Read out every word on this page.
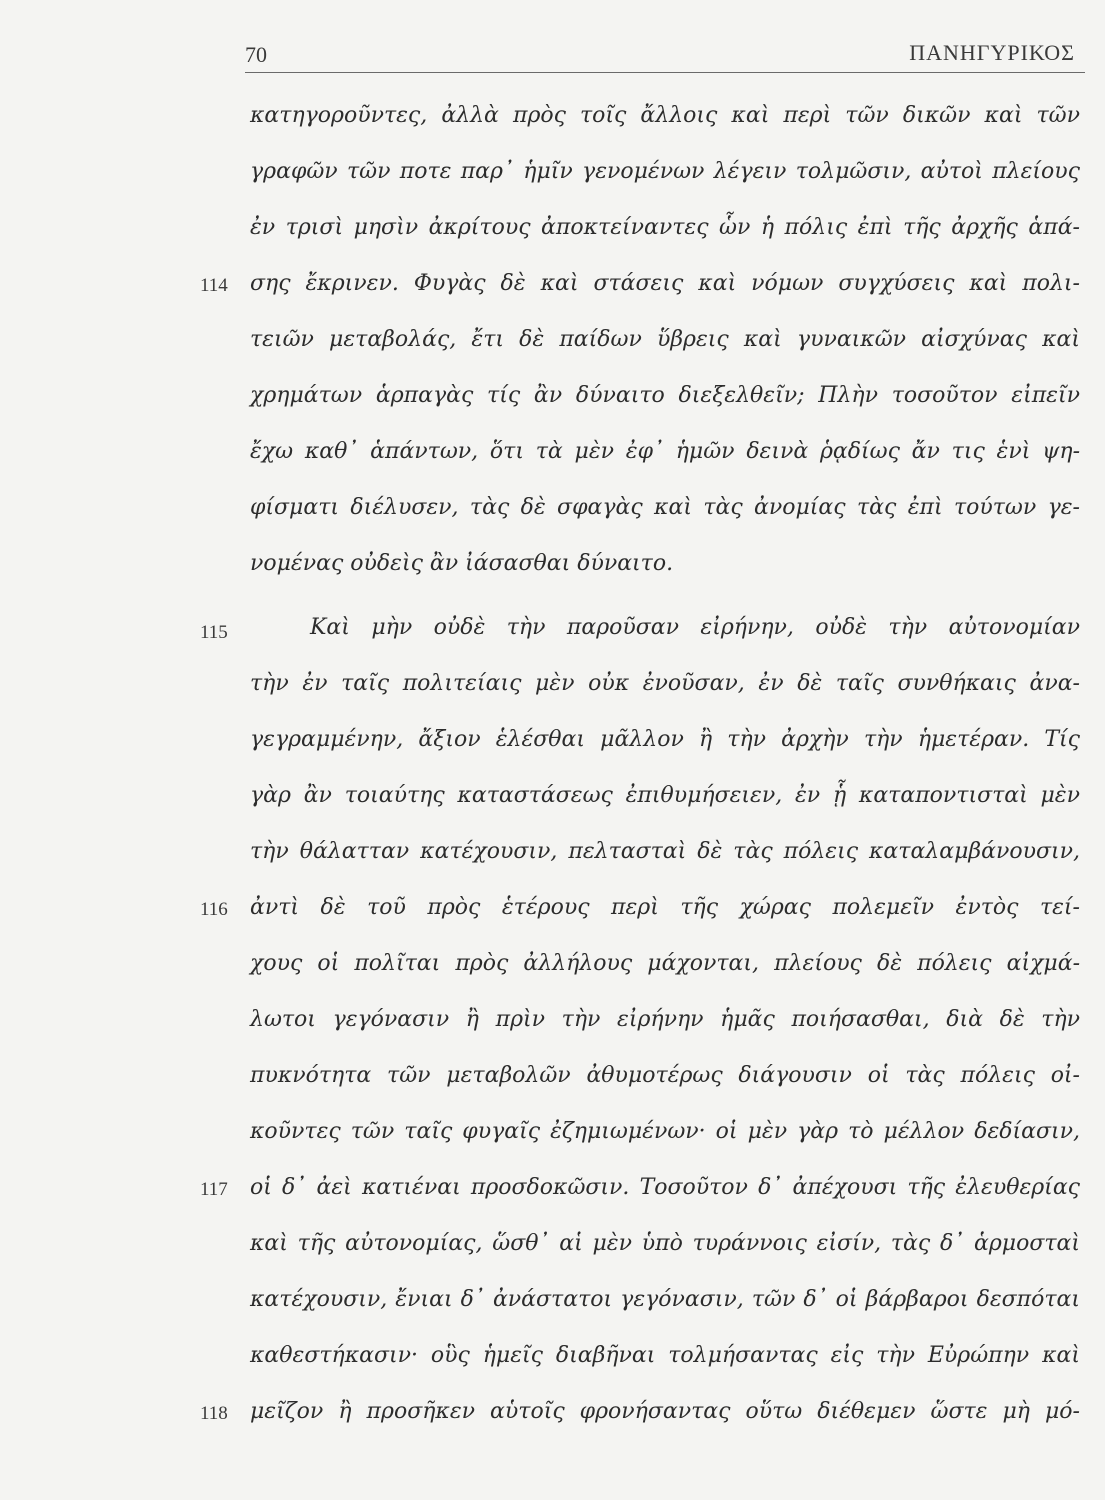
70	ΠΑΝΗΓΥΡΙΚΟΣ
κατηγοροῦντες, ἀλλὰ πρὸς τοῖς ἄλλοις καὶ περὶ τῶν δικῶν καὶ τῶν
γραφῶν τῶν ποτε παρ᾽ ἡμῖν γενομένων λέγειν τολμῶσιν, αὐτοὶ πλείους
ἐν τρισὶ μησὶν ἀκρίτους ἀποκτείναντες ὧν ἡ πόλις ἐπὶ τῆς ἀρχῆς ἁπά-
114	σης ἔκρινεν. Φυγὰς δὲ καὶ στάσεις καὶ νόμων συγχύσεις καὶ πολι-
τειῶν μεταβολάς, ἔτι δὲ παίδων ὕβρεις καὶ γυναικῶν αἰσχύνας καὶ
χρημάτων ἁρπαγὰς τίς ἂν δύναιτο διεξελθεῖν; Πλὴν τοσοῦτον εἰπεῖν
ἔχω καθ᾽ ἁπάντων, ὅτι τὰ μὲν ἐφ᾽ ἡμῶν δεινὰ ῥᾳδίως ἄν τις ἑνὶ ψη-
φίσματι διέλυσεν, τὰς δὲ σφαγὰς καὶ τὰς ἀνομίας τὰς ἐπὶ τούτων γε-
νομένας οὐδεὶς ἂν ἰάσασθαι δύναιτο.
115	Καὶ μὴν οὐδὲ τὴν παροῦσαν εἰρήνην, οὐδὲ τὴν αὐτονομίαν
τὴν ἐν ταῖς πολιτείαις μὲν οὐκ ἐνοῦσαν, ἐν δὲ ταῖς συνθήκαις ἀνα-
γεγραμμένην, ἄξιον ἑλέσθαι μᾶλλον ἢ τὴν ἀρχὴν τὴν ἡμετέραν. Τίς
γὰρ ἂν τοιαύτης καταστάσεως ἐπιθυμήσειεν, ἐν ᾗ καταποντισταὶ μὲν
τὴν θάλατταν κατέχουσιν, πελτασταὶ δὲ τὰς πόλεις καταλαμβάνουσιν,
116	ἀντὶ δὲ τοῦ πρὸς ἑτέρους περὶ τῆς χώρας πολεμεῖν ἐντὸς τεί-
χους οἱ πολῖται πρὸς ἀλλήλους μάχονται, πλείους δὲ πόλεις αἰχμά-
λωτοι γεγόνασιν ἢ πρὶν τὴν εἰρήνην ἡμᾶς ποιήσασθαι, διὰ δὲ τὴν
πυκνότητα τῶν μεταβολῶν ἀθυμοτέρως διάγουσιν οἱ τὰς πόλεις οἰ-
κοῦντες τῶν ταῖς φυγαῖς ἐζημιωμένων· οἱ μὲν γὰρ τὸ μέλλον δεδίασιν,
117	οἱ δ᾽ ἀεὶ κατιέναι προσδοκῶσιν. Τοσοῦτον δ᾽ ἀπέχουσι τῆς ἐλευθερίας
καὶ τῆς αὐτονομίας, ὥσθ᾽ αἱ μὲν ὑπὸ τυράννοις εἰσίν, τὰς δ᾽ ἁρμοσταὶ
κατέχουσιν, ἔνιαι δ᾽ ἀνάστατοι γεγόνασιν, τῶν δ᾽ οἱ βάρβαροι δεσπόται
καθεστήκασιν· οὓς ἡμεῖς διαβῆναι τολμήσαντας εἰς τὴν Εὐρώπην καὶ
118	μεῖζον ἢ προσῆκεν αὑτοῖς φρονήσαντας οὕτω διέθεμεν ὥστε μὴ μό-
